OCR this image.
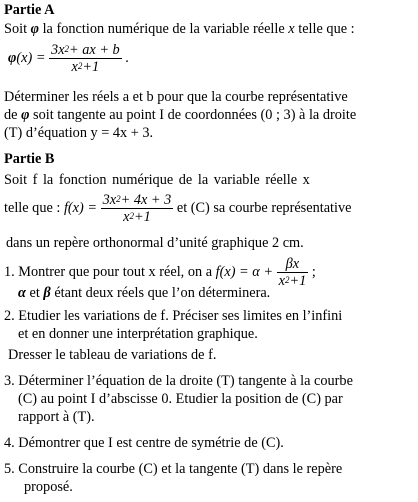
Partie A
Soit φ la fonction numérique de la variable réelle x telle que :
$\varphi(x) = \frac{3x^2+ ax + b}{x^2+1}$ .
Déterminer les réels a et b pour que la courbe représentative
de φ soit tangente au point I de coordonnées (0 ; 3) à la droite
(T) d’équation y = 4x + 3.
Partie B
Soit f la fonction numérique de la variable réelle x
telle que : $f(x) = \frac{3x^2+ 4x + 3}{x^2+1}$ et (C) sa courbe représentative
dans un repère orthonormal d’unité graphique 2 cm.
1. Montrer que pour tout x réel, on a $f(x) = \alpha + \frac{\beta x}{x^2+1}$ ;
α et β étant deux réels que l’on déterminera.
2. Etudier les variations de f. Préciser ses limites en l’infini
et en donner une interprétation graphique.
Dresser le tableau de variations de f.
3. Déterminer l’équation de la droite (T) tangente à la courbe
(C) au point I d’abscisse 0. Etudier la position de (C) par
rapport à (T).
4. Démontrer que I est centre de symétrie de (C).
5. Construire la courbe (C) et la tangente (T) dans le repère
proposé.
